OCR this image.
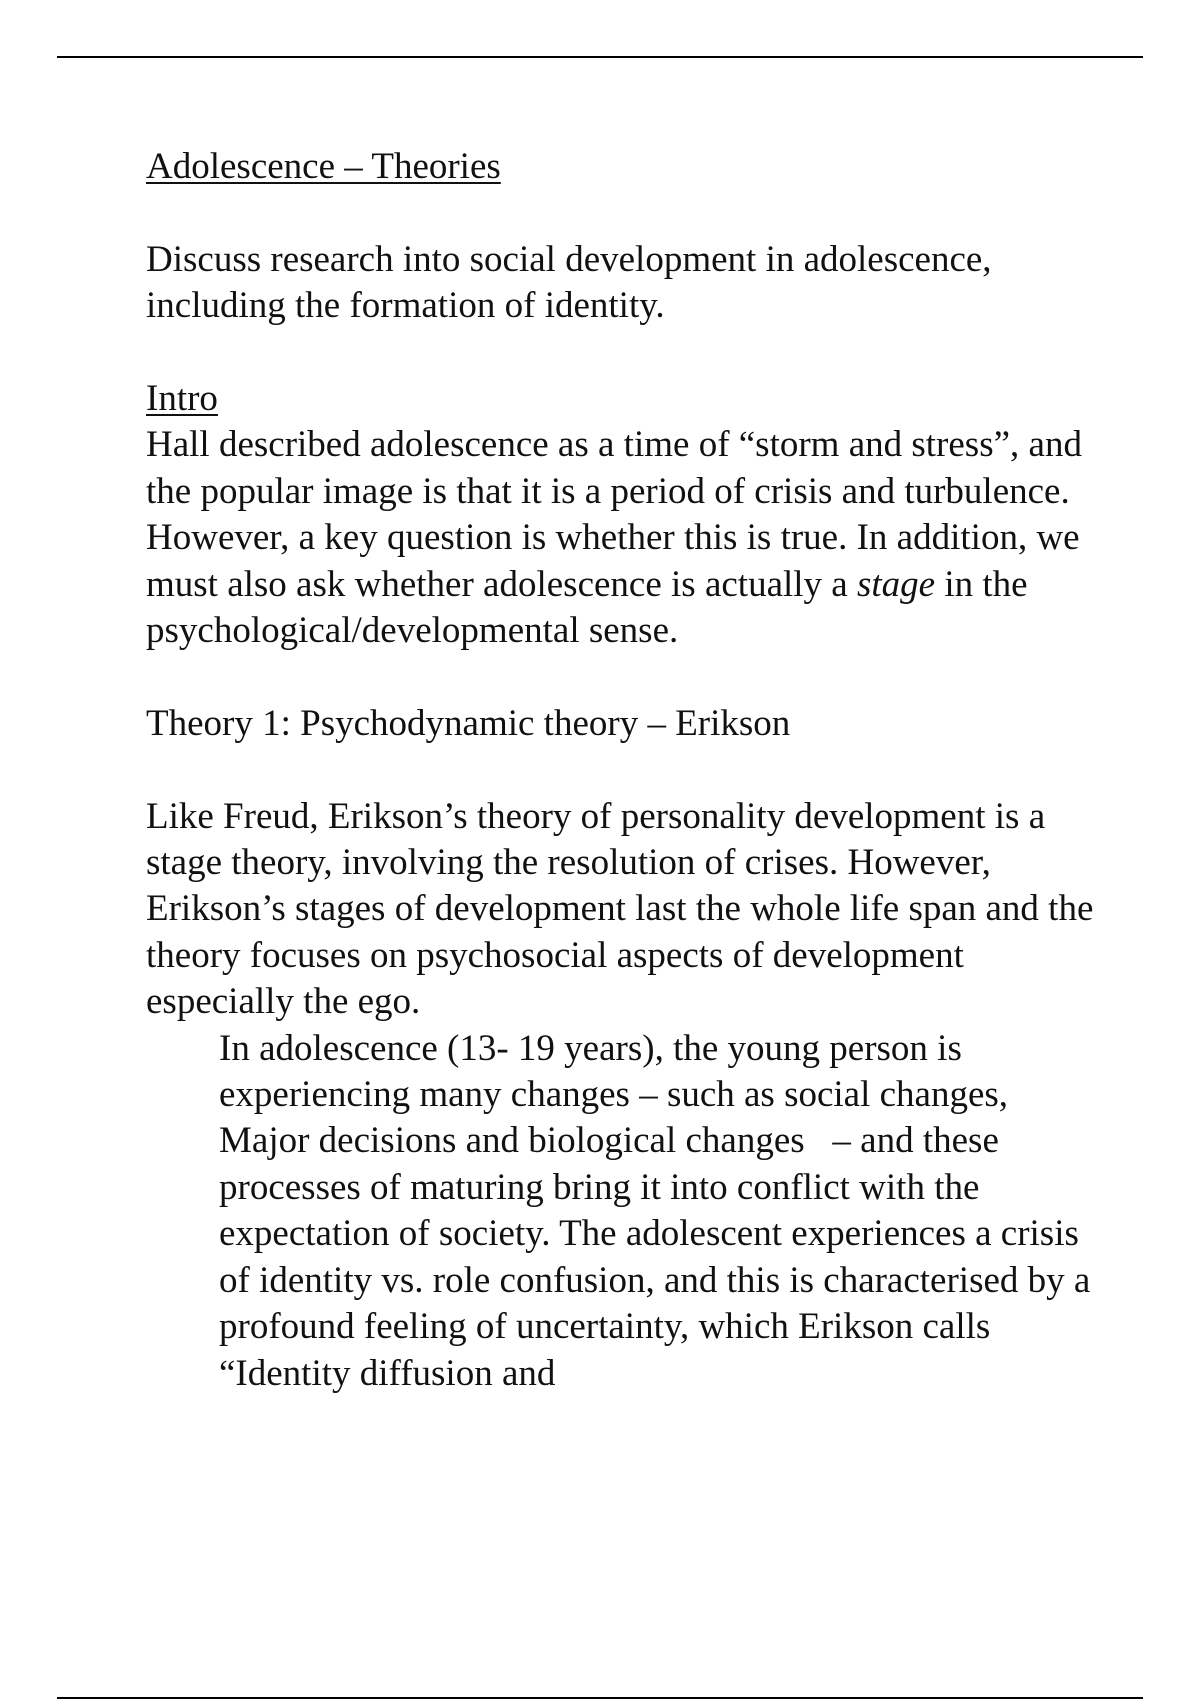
Adolescence – Theories

Discuss research into social development in adolescence, including the formation of identity.

Intro

Hall described adolescence as a time of “storm and stress”, and the popular image is that it is a period of crisis and turbulence. However, a key question is whether this is true. In addition, we must also ask whether adolescence is actually a stage in the psychological/developmental sense.

Theory 1: Psychodynamic theory – Erikson

Like Freud, Erikson’s theory of personality development is a stage theory, involving the resolution of crises. However, Erikson’s stages of development last the whole life span and the theory focuses on psychosocial aspects of development especially the ego.

In adolescence (13- 19 years), the young person is experiencing many changes – such as social changes, Major decisions and biological changes   – and these processes of maturing bring it into conflict with the expectation of society. The adolescent experiences a crisis of identity vs. role confusion, and this is characterised by a profound feeling of uncertainty, which Erikson calls “Identity diffusion and
